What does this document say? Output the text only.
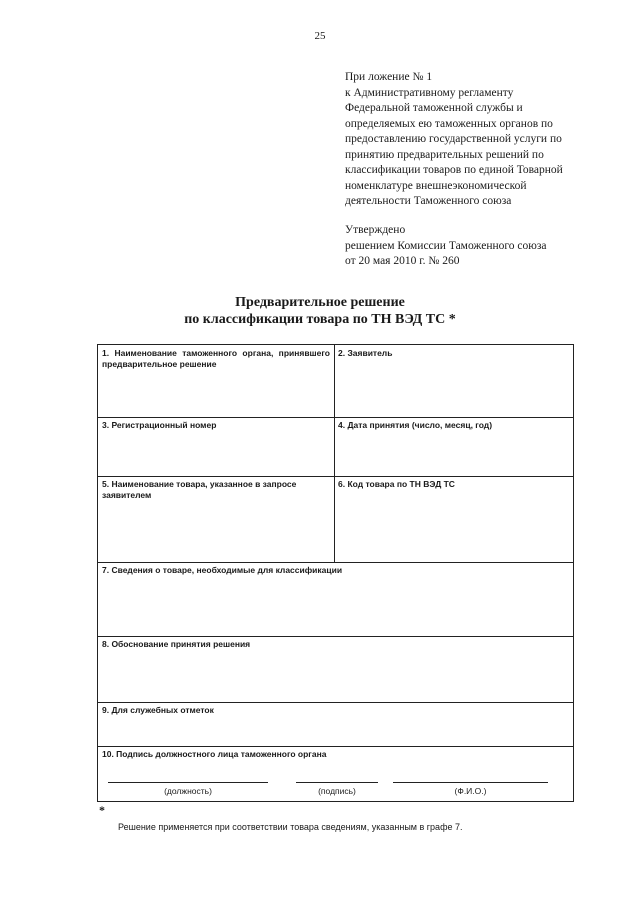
25
При ложение № 1
к Административному регламенту
Федеральной таможенной службы и
определяемых ею таможенных органов по
предоставлению государственной услуги по
принятию предварительных решений по
классификации товаров по единой Товарной
номенклатуре внешнеэкономической
деятельности Таможенного союза
Утверждено
решением Комиссии Таможенного союза
от 20 мая 2010 г. № 260
Предварительное решение
по классификации товара по ТН ВЭД ТС *
1. Наименование таможенного органа, принявшего предварительное решение
2. Заявитель
3. Регистрационный номер	4. Дата принятия (число, месяц, год)
5. Наименование товара, указанное в запросе заявителем
6. Код товара по ТН ВЭД ТС
7. Сведения о товаре, необходимые для классификации
8. Обоснование принятия решения
9. Для служебных отметок
10. Подпись должностного лица таможенного органа
(должность)	(подпись)	(Ф.И.О.)
*
Решение применяется при соответствии товара сведениям, указанным в графе 7.
